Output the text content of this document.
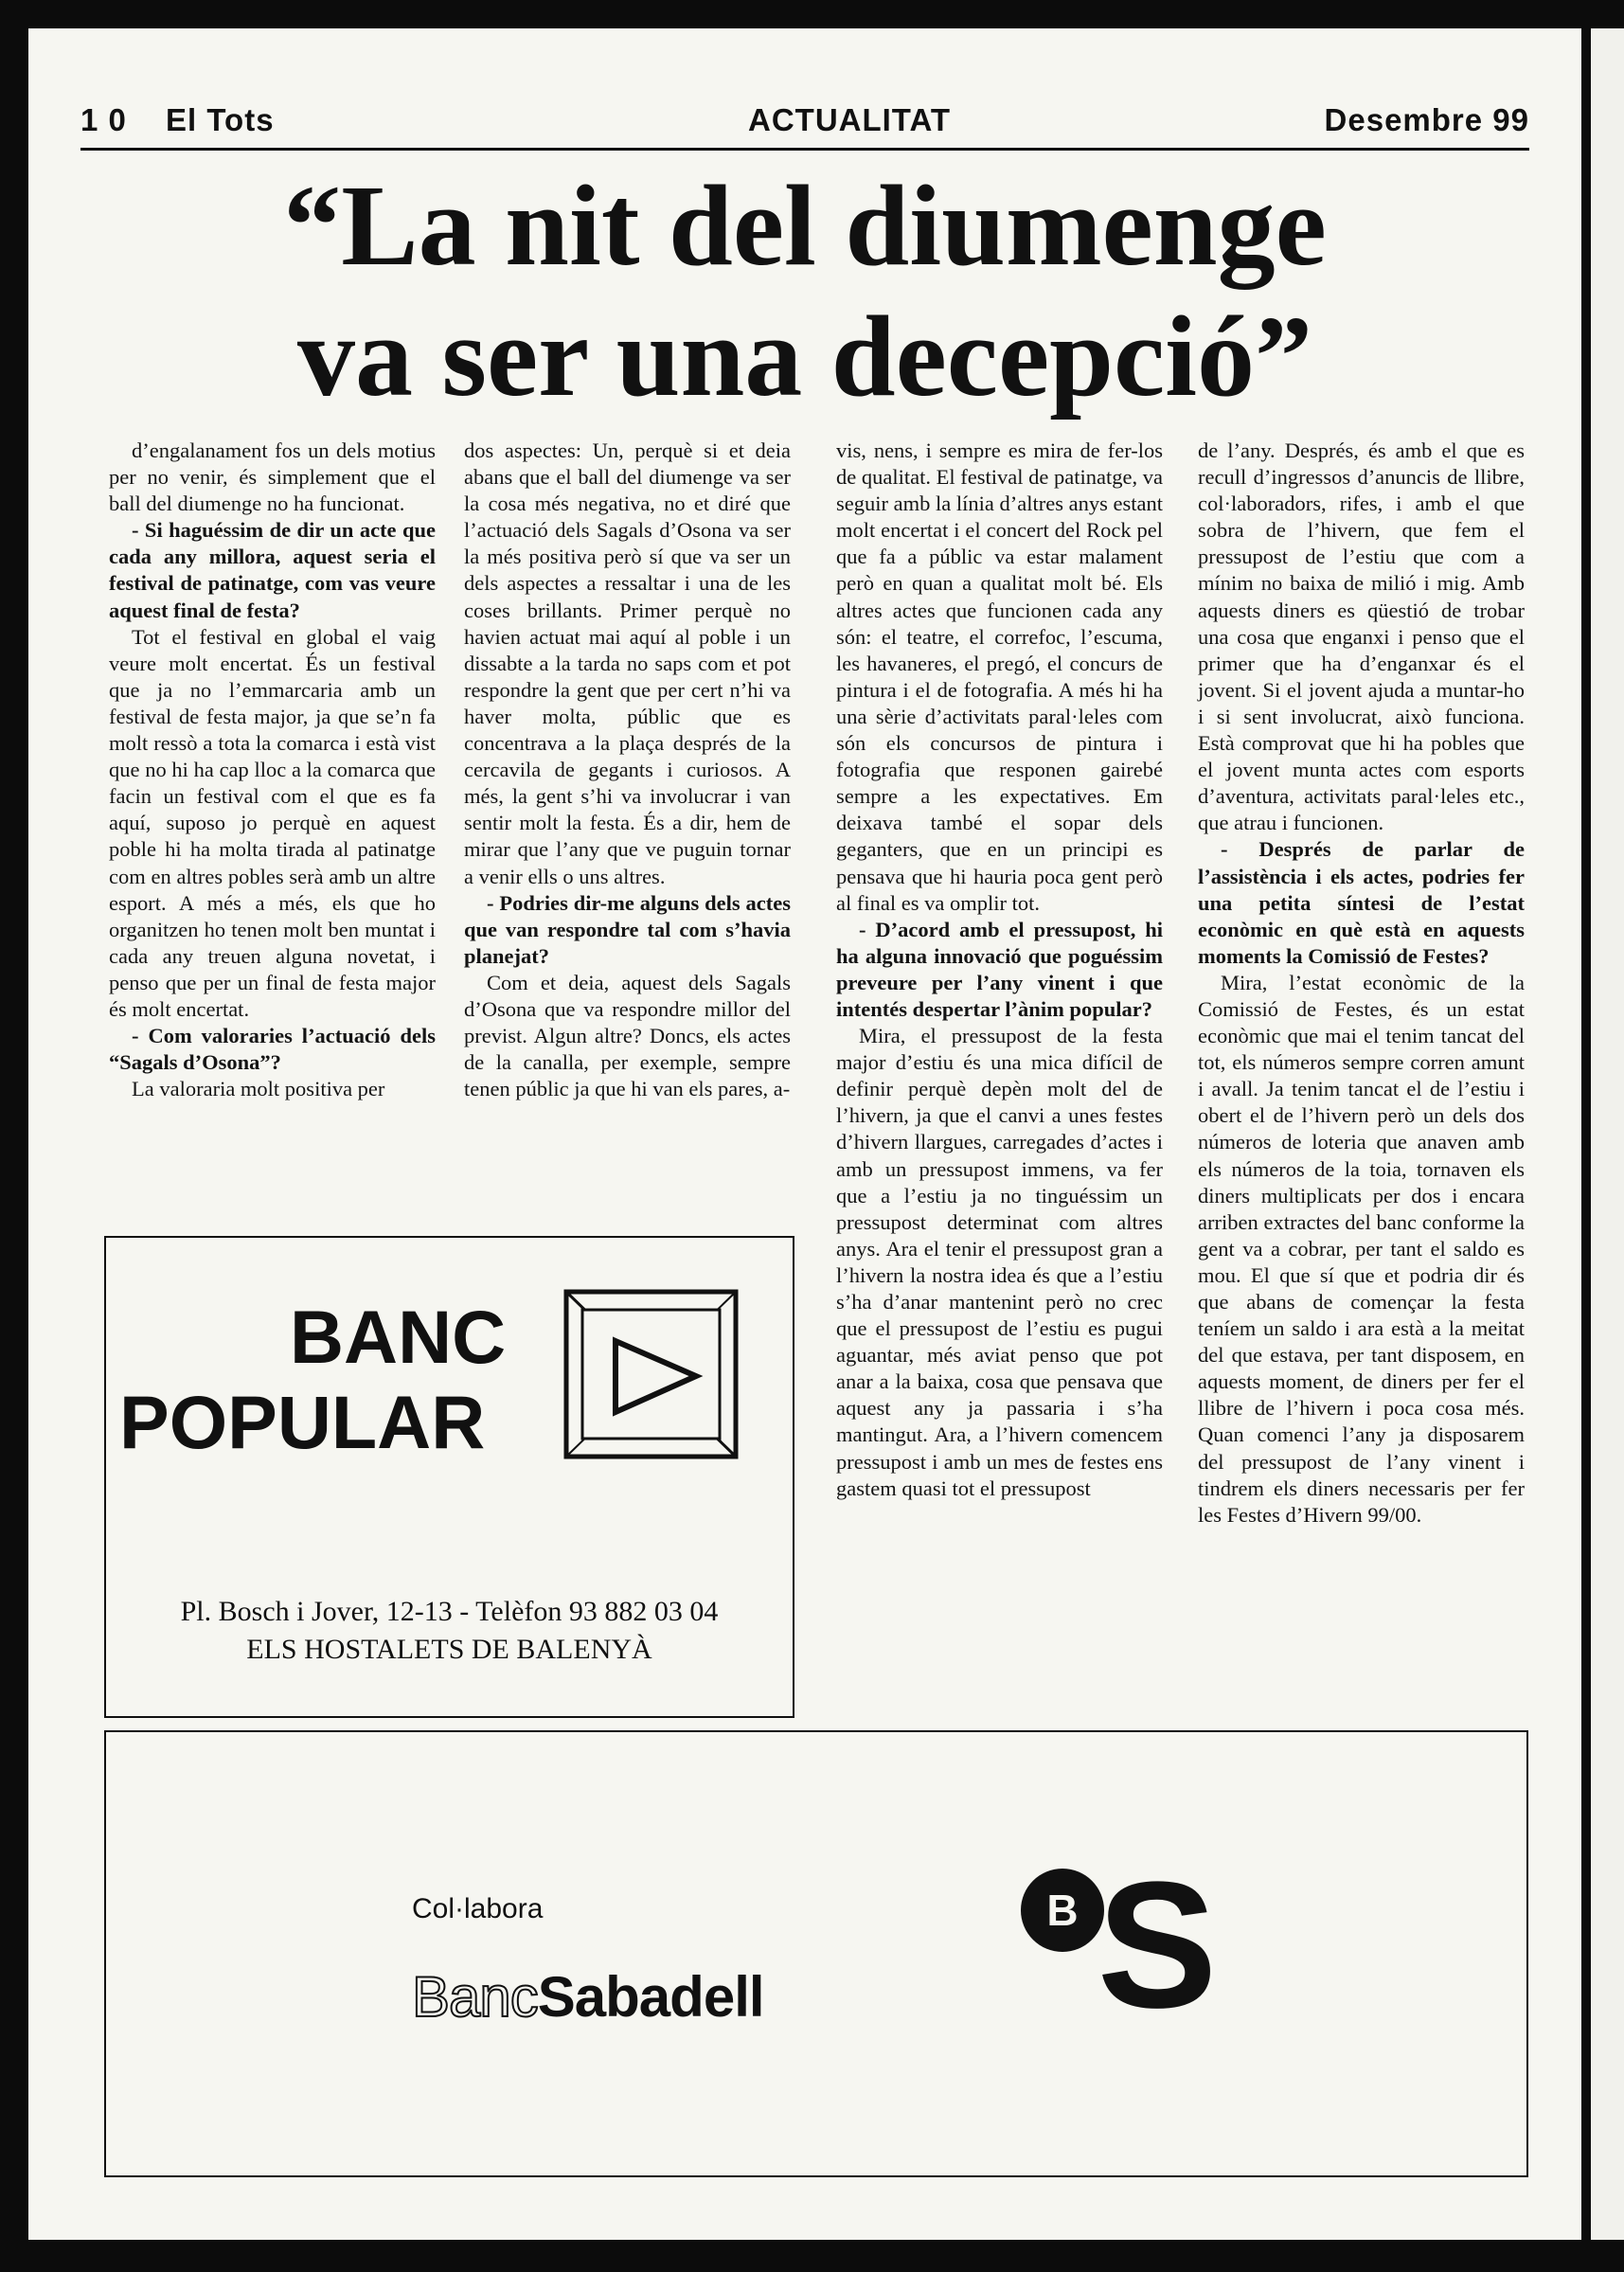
1 0 El Tots	ACTUALITAT	Desembre 99
“La nit del diumenge
va ser una decepció”

d’engalanament fos un dels motius per no venir, és simplement que el ball del diumenge no ha funcionat.

- Si haguéssim de dir un acte que cada any millora, aquest seria el festival de patinatge, com vas veure aquest final de festa?

Tot el festival en global el vaig veure molt encertat. És un festival que ja no l’emmarcaria amb un festival de festa major, ja que se’n fa molt ressò a tota la comarca i està vist que no hi ha cap lloc a la comarca que facin un festival com el que es fa aquí, suposo jo perquè en aquest poble hi ha molta tirada al patinatge com en altres pobles serà amb un altre esport. A més a més, els que ho organitzen ho tenen molt ben muntat i cada any treuen alguna novetat, i penso que per un final de festa major és molt encertat.

- Com valoraries l’actuació dels “Sagals d’Osona”?

La valoraria molt positiva per

dos aspectes: Un, perquè si et deia abans que el ball del diumenge va ser la cosa més negativa, no et diré que l’actuació dels Sagals d’Osona va ser la més positiva però sí que va ser un dels aspectes a ressaltar i una de les coses brillants. Primer perquè no havien actuat mai aquí al poble i un dissabte a la tarda no saps com et pot respondre la gent que per cert n’hi va haver molta, públic que es concentrava a la plaça després de la cercavila de gegants i curiosos. A més, la gent s’hi va involucrar i van sentir molt la festa. És a dir, hem de mirar que l’any que ve puguin tornar a venir ells o uns altres.

- Podries dir-me alguns dels actes que van respondre tal com s’havia planejat?

Com et deia, aquest dels Sagals d’Osona que va respondre millor del previst. Algun altre? Doncs, els actes de la canalla, per exemple, sempre tenen públic ja que hi van els pares, a-

vis, nens, i sempre es mira de fer-los de qualitat. El festival de patinatge, va seguir amb la línia d’altres anys estant molt encertat i el concert del Rock pel que fa a públic va estar malament però en quan a qualitat molt bé. Els altres actes que funcionen cada any són: el teatre, el correfoc, l’escuma, les havaneres, el pregó, el concurs de pintura i el de fotografia. A més hi ha una sèrie d’activitats paral·leles com són els concursos de pintura i fotografia que responen gairebé sempre a les expectatives. Em deixava també el sopar dels geganters, que en un principi es pensava que hi hauria poca gent però al final es va omplir tot.

- D’acord amb el pressupost, hi ha alguna innovació que poguéssim preveure per l’any vinent i que intentés despertar l’ànim popular?

Mira, el pressupost de la festa major d’estiu és una mica difícil de definir perquè depèn molt del de l’hivern, ja que el canvi a unes festes d’hivern llargues, carregades d’actes i amb un pressupost immens, va fer que a l’estiu ja no tinguéssim un pressupost determinat com altres anys. Ara el tenir el pressupost gran a l’hivern la nostra idea és que a l’estiu s’ha d’anar mantenint però no crec que el pressupost de l’estiu es pugui aguantar, més aviat penso que pot anar a la baixa, cosa que pensava que aquest any ja passaria i s’ha mantingut. Ara, a l’hivern comencem pressupost i amb un mes de festes ens gastem quasi tot el pressupost

de l’any. Després, és amb el que es recull d’ingressos d’anuncis de llibre, col·laboradors, rifes, i amb el que sobra de l’hivern, que fem el pressupost de l’estiu que com a mínim no baixa de milió i mig. Amb aquests diners es qüestió de trobar una cosa que enganxi i penso que el primer que ha d’enganxar és el jovent. Si el jovent ajuda a muntar-ho i si sent involucrat, això funciona. Està comprovat que hi ha pobles que el jovent munta actes com esports d’aventura, activitats paral·leles etc., que atrau i funcionen.

- Després de parlar de l’assistència i els actes, podries fer una petita síntesi de l’estat econòmic en què està en aquests moments la Comissió de Festes?

Mira, l’estat econòmic de la Comissió de Festes, és un estat econòmic que mai el tenim tancat del tot, els números sempre corren amunt i avall. Ja tenim tancat el de l’estiu i obert el de l’hivern però un dels dos números de loteria que anaven amb els números de la toia, tornaven els diners multiplicats per dos i encara arriben extractes del banc conforme la gent va a cobrar, per tant el saldo es mou. El que sí que et podria dir és que abans de començar la festa teníem un saldo i ara està a la meitat del que estava, per tant disposem, en aquests moment, de diners per fer el llibre de l’hivern i poca cosa més. Quan comenci l’any ja disposarem del pressupost de l’any vinent i tindrem els diners necessaris per fer les Festes d’Hivern 99/00.

BANC
POPULAR
Pl. Bosch i Jover, 12-13 - Telèfon 93 882 03 04
ELS HOSTALETS DE BALENYÀ
Col·labora
BancSabadell
B S
